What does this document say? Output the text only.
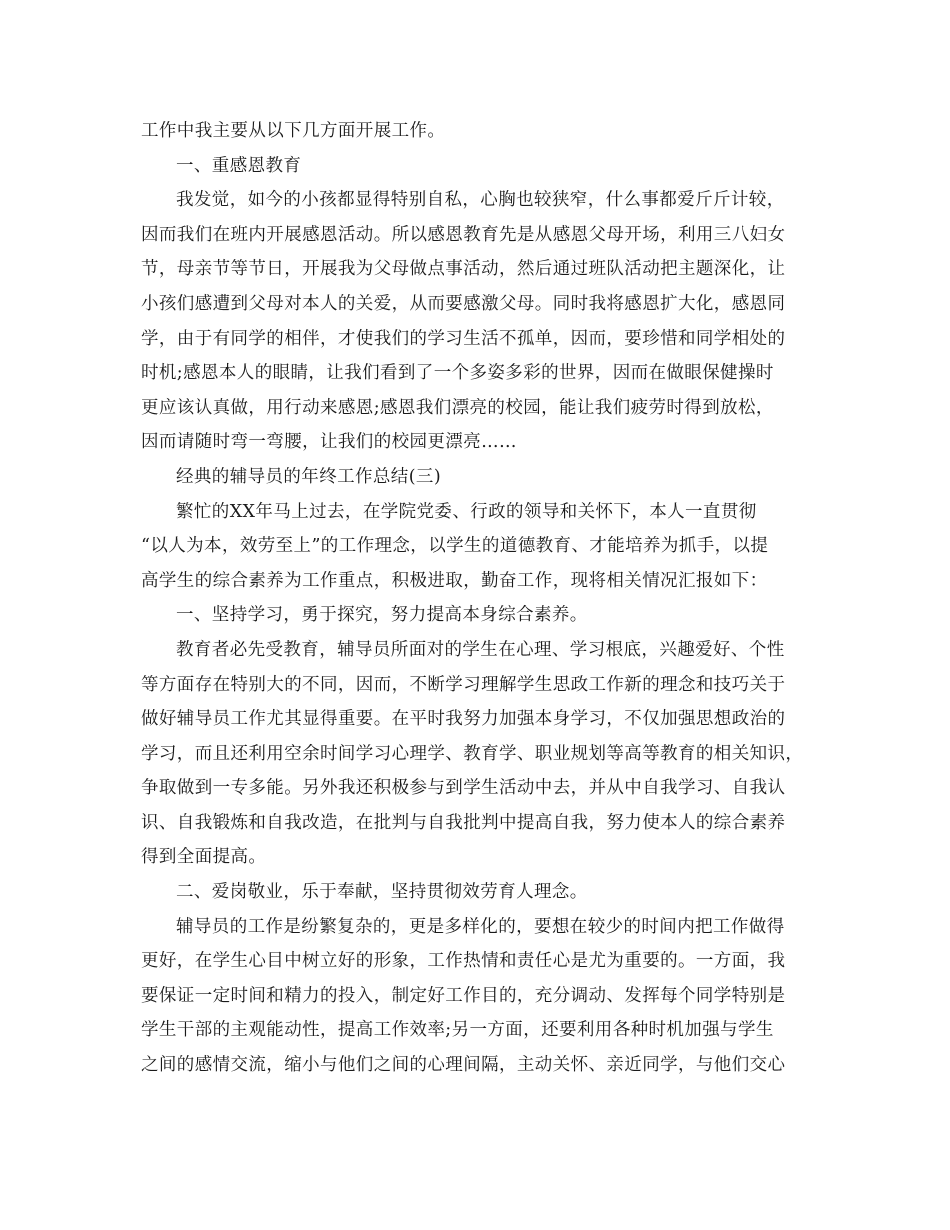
工作中我主要从以下几方面开展工作。
一、重感恩教育
我发觉，如今的小孩都显得特别自私，心胸也较狭窄，什么事都爱斤斤计较，
因而我们在班内开展感恩活动。所以感恩教育先是从感恩父母开场，利用三八妇女
节，母亲节等节日，开展我为父母做点事活动，然后通过班队活动把主题深化，让
小孩们感遭到父母对本人的关爱，从而要感激父母。同时我将感恩扩大化，感恩同
学，由于有同学的相伴，才使我们的学习生活不孤单，因而，要珍惜和同学相处的
时机;感恩本人的眼睛，让我们看到了一个多姿多彩的世界，因而在做眼保健操时
更应该认真做，用行动来感恩;感恩我们漂亮的校园，能让我们疲劳时得到放松，
因而请随时弯一弯腰，让我们的校园更漂亮……
经典的辅导员的年终工作总结(三)
繁忙的XX年马上过去，在学院党委、行政的领导和关怀下，本人一直贯彻
“以人为本，效劳至上”的工作理念，以学生的道德教育、才能培养为抓手，以提
高学生的综合素养为工作重点，积极进取，勤奋工作，现将相关情况汇报如下：
一、坚持学习，勇于探究，努力提高本身综合素养。
教育者必先受教育，辅导员所面对的学生在心理、学习根底，兴趣爱好、个性
等方面存在特别大的不同，因而，不断学习理解学生思政工作新的理念和技巧关于
做好辅导员工作尤其显得重要。在平时我努力加强本身学习，不仅加强思想政治的
学习，而且还利用空余时间学习心理学、教育学、职业规划等高等教育的相关知识，
争取做到一专多能。另外我还积极参与到学生活动中去，并从中自我学习、自我认
识、自我锻炼和自我改造，在批判与自我批判中提高自我，努力使本人的综合素养
得到全面提高。
二、爱岗敬业，乐于奉献，坚持贯彻效劳育人理念。
辅导员的工作是纷繁复杂的，更是多样化的，要想在较少的时间内把工作做得
更好，在学生心目中树立好的形象，工作热情和责任心是尤为重要的。一方面，我
要保证一定时间和精力的投入，制定好工作目的，充分调动、发挥每个同学特别是
学生干部的主观能动性，提高工作效率;另一方面，还要利用各种时机加强与学生
之间的感情交流，缩小与他们之间的心理间隔，主动关怀、亲近同学，与他们交心
